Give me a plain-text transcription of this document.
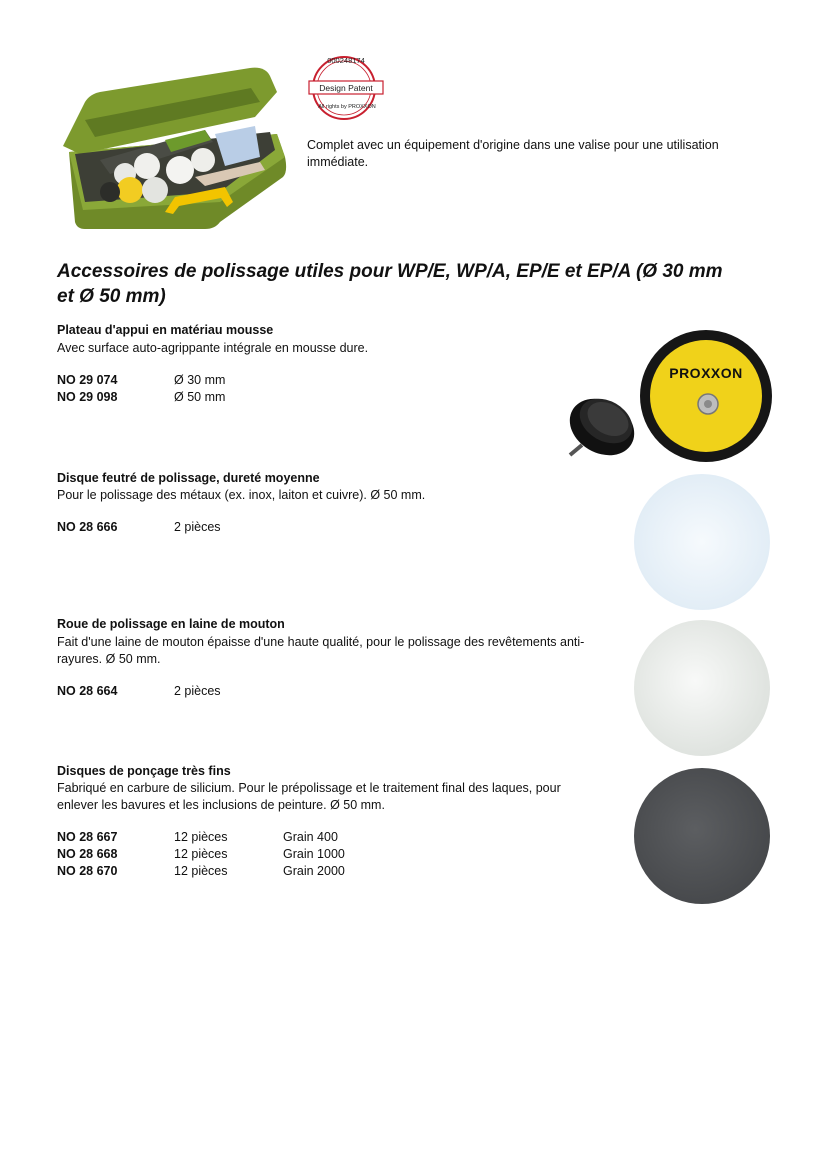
000248174
Design Patent
All rights by PROXXON
Complet avec un équipement d'origine dans une valise pour une utilisation immédiate.
Accessoires de polissage utiles pour WP/E, WP/A, EP/E et EP/A (Ø 30 mm
et Ø 50 mm)
Plateau d'appui en matériau mousse
Avec surface auto-agrippante intégrale en mousse dure.
NO 29 074	Ø 30 mm
NO 29 098	Ø 50 mm
PROXXON
Disque feutré de polissage, dureté moyenne
Pour le polissage des métaux (ex. inox, laiton et cuivre). Ø 50 mm.
NO 28 666	2 pièces
Roue de polissage en laine de mouton
Fait d'une laine de mouton épaisse d'une haute qualité, pour le polissage des revêtements anti-
rayures. Ø 50 mm.
NO 28 664	2 pièces
Disques de ponçage très fins
Fabriqué en carbure de silicium. Pour le prépolissage et le traitement final des laques, pour
enlever les bavures et les inclusions de peinture. Ø 50 mm.
NO 28 667	12 pièces	Grain 400
NO 28 668	12 pièces	Grain 1000
NO 28 670	12 pièces	Grain 2000
